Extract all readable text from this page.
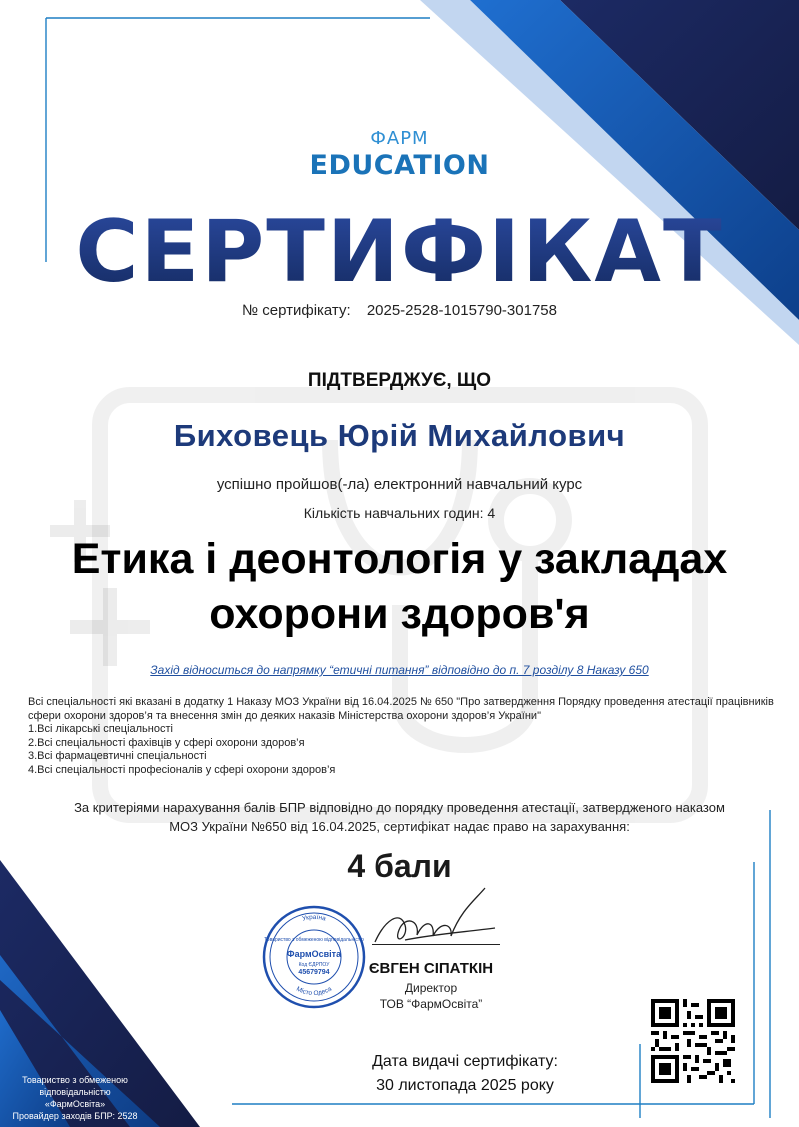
ФАРМ
EDUCATION
СЕРТИФІКАТ
№ сертифікату: 2025-2528-1015790-301758
ПІДТВЕРДЖУЄ, ЩО
Биховець Юрій Михайлович
успішно пройшов(-ла) електронний навчальний курс
Кількість навчальних годин: 4
Етика і деонтологія у закладах
охорони здоров'я
Захід відноситься до напрямку “етичні питання” відповідно до п. 7 розділу 8 Наказу 650
Всі спеціальності які вказані в додатку 1 Наказу МОЗ України від 16.04.2025 № 650 "Про затвердження Порядку проведення атестації працівників сфери охорони здоров’я та внесення змін до деяких наказів Міністерства охорони здоров’я України"
1.Всі лікарські спеціальності
2.Всі спеціальності фахівців у сфері охорони здоров’я
3.Всі фармацевтичні спеціальності
4.Всі спеціальності професіоналів у сфері охорони здоров’я
За критеріями нарахування балів БПР відповідно до порядку проведення атестації, затвердженого наказом
МОЗ України №650 від 16.04.2025, сертифікат надає право на зарахування:
4 бали
Україна
Місто Одеса
Товариство з обмеженою відповідальністю
ФармОсвіта
Код ЄДРПОУ
45679794	ЄВГЕН СІПАТКІН
Директор
ТОВ “ФармОсвіта”
Дата видачі сертифікату:
30 листопада 2025 року
Товариство з обмеженою
відповідальністю
«ФармОсвіта»
Провайдер заходів БПР: 2528
